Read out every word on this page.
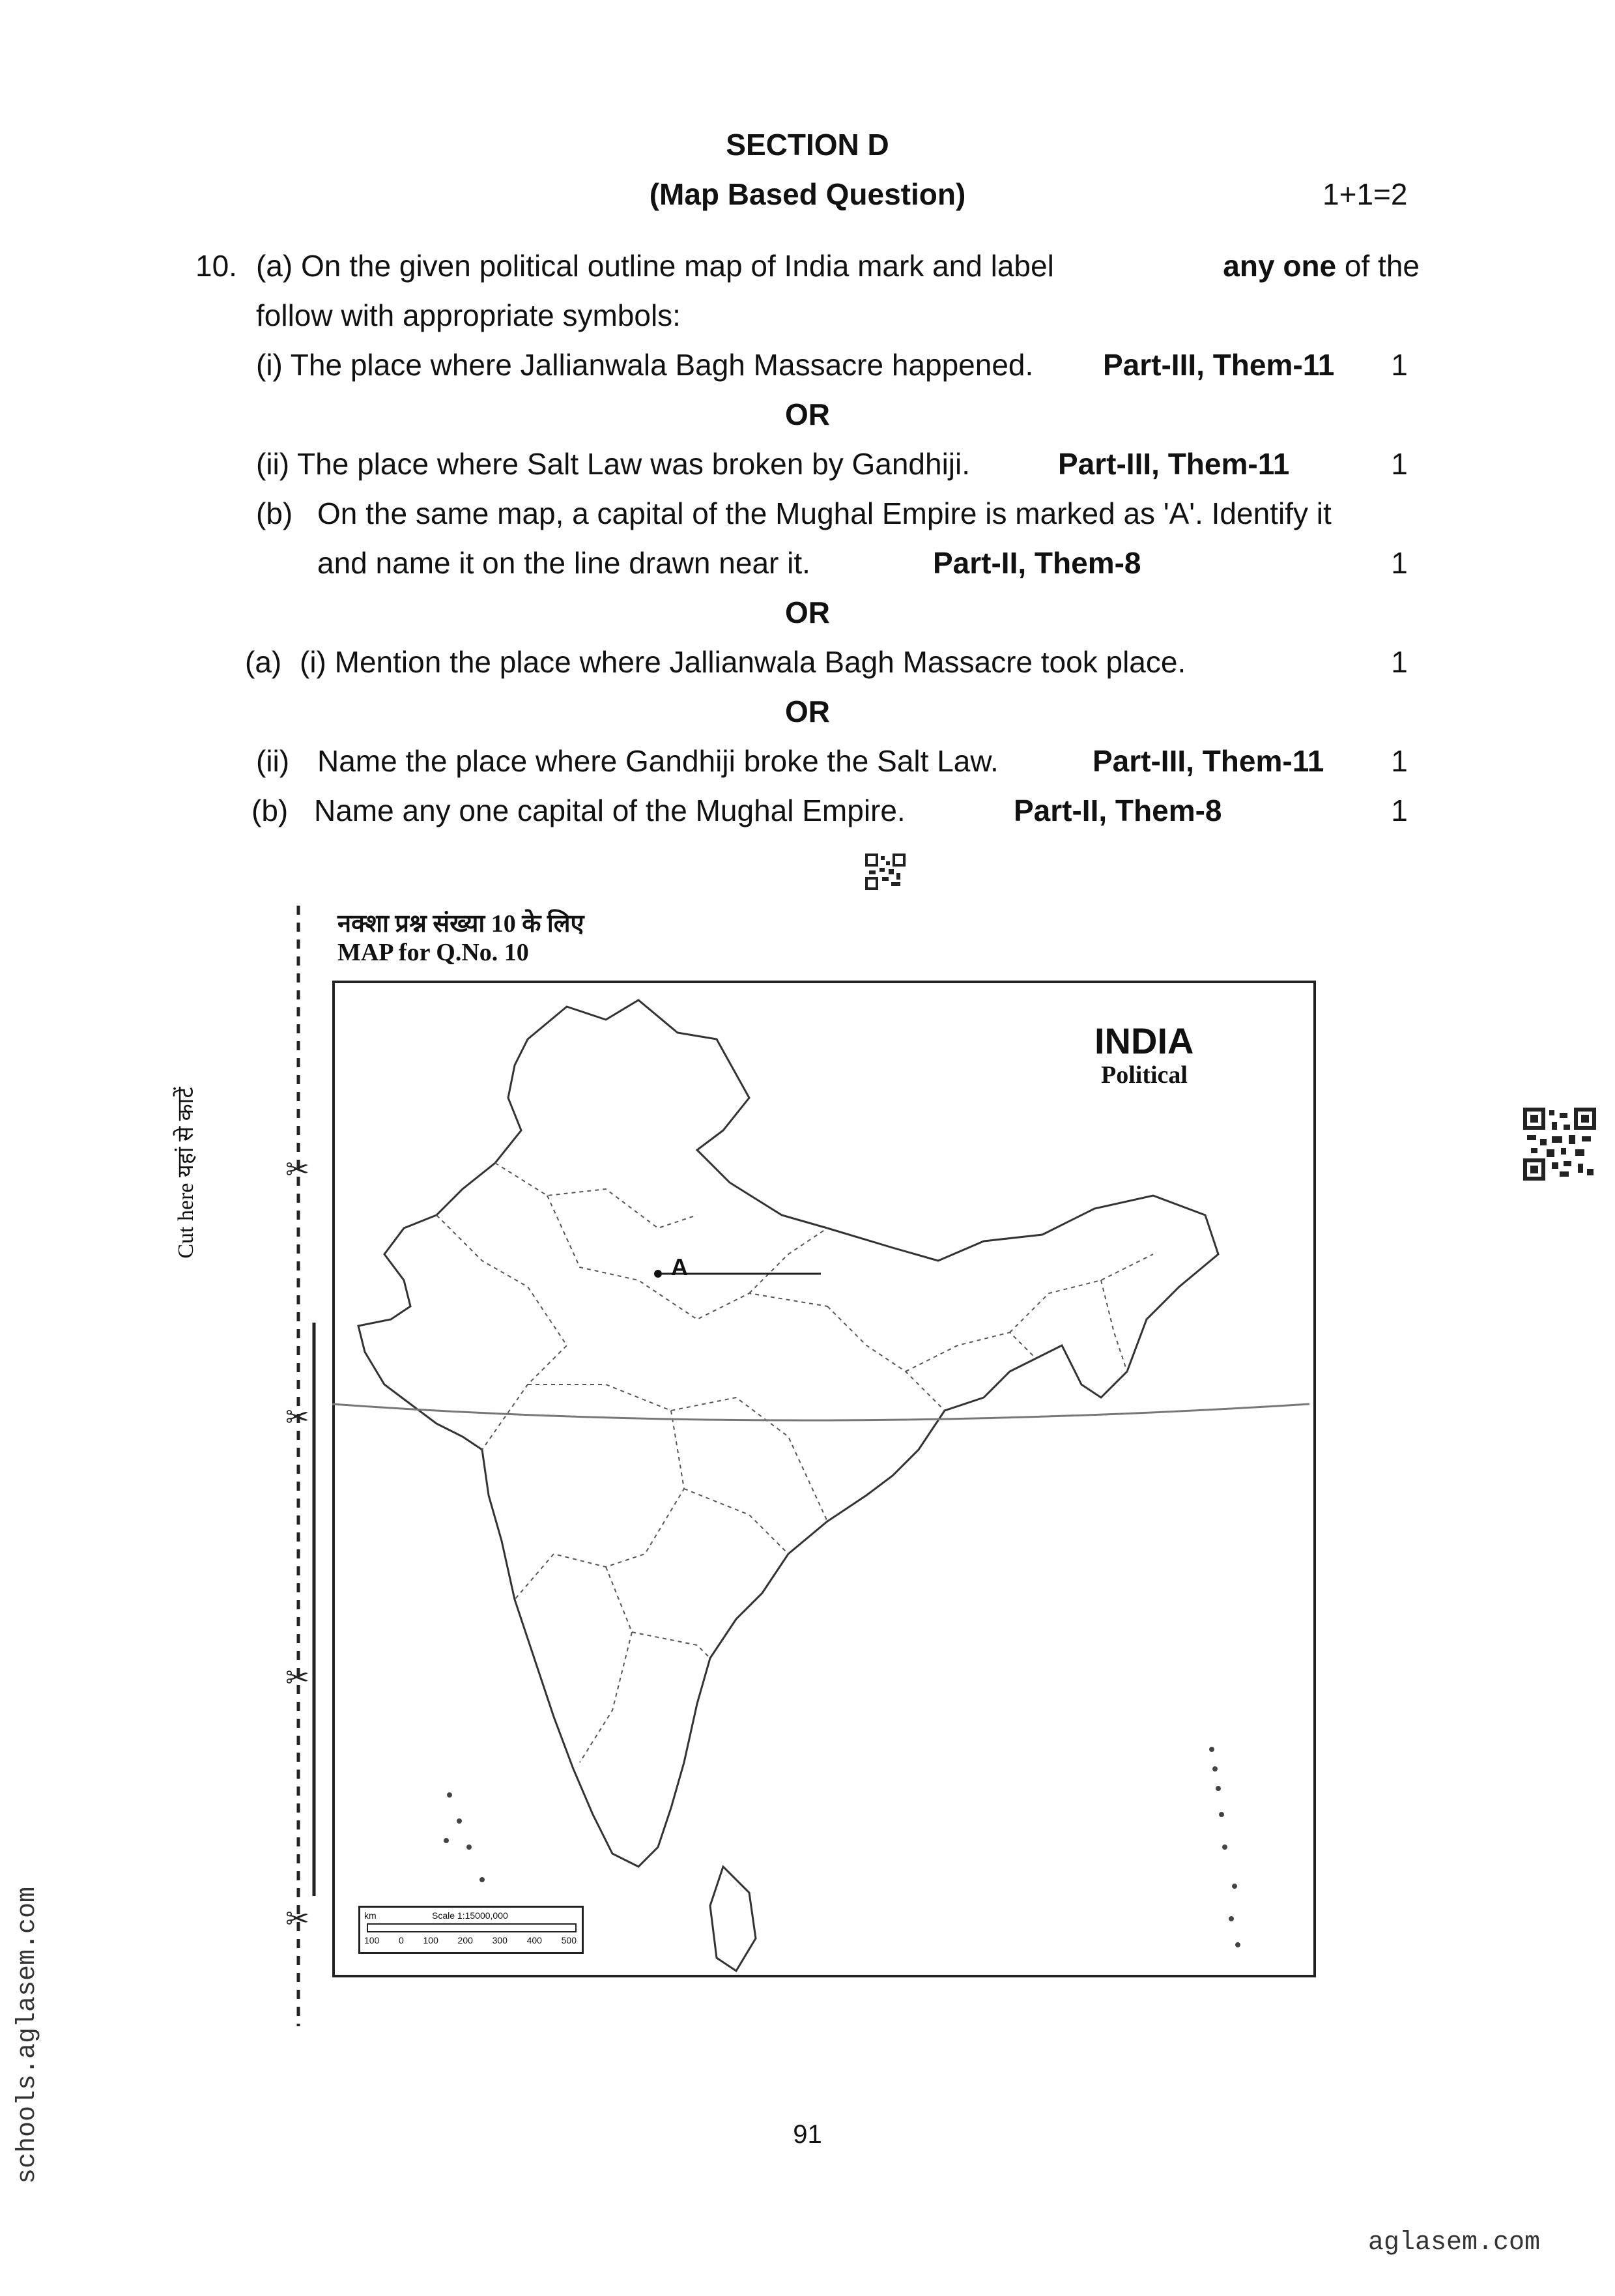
SECTION D
(Map Based Question)	1+1=2
10. (a) On the given political outline map of India mark and label	any one of the
follow with appropriate symbols:
(i) The place where Jallianwala Bagh Massacre happened. Part-III, Them-11 1
OR
(ii) The place where Salt Law was broken by Gandhiji.	Part-III, Them-11	1
(b) On the same map, a capital of the Mughal Empire is marked as 'A'. Identify it
and name it on the line drawn near it.	Part-II, Them-8	1
OR
(a) (i) Mention the place where Jallianwala Bagh Massacre took place.	1
OR
(ii) Name the place where Gandhiji broke the Salt Law.	Part-III, Them-11 1
(b) Name any one capital of the Mughal Empire.	Part-II, Them-8	1
नक्शा प्रश्न संख्या 10 के लिए
MAP for Q.No. 10
✂
✂
✂
✂
Cut here यहां से काटें
A
INDIA
Political
km	Scale 1:15000,000
100 0 100 200 300 400 500
91
schools.aglasem.com
aglasem.com
